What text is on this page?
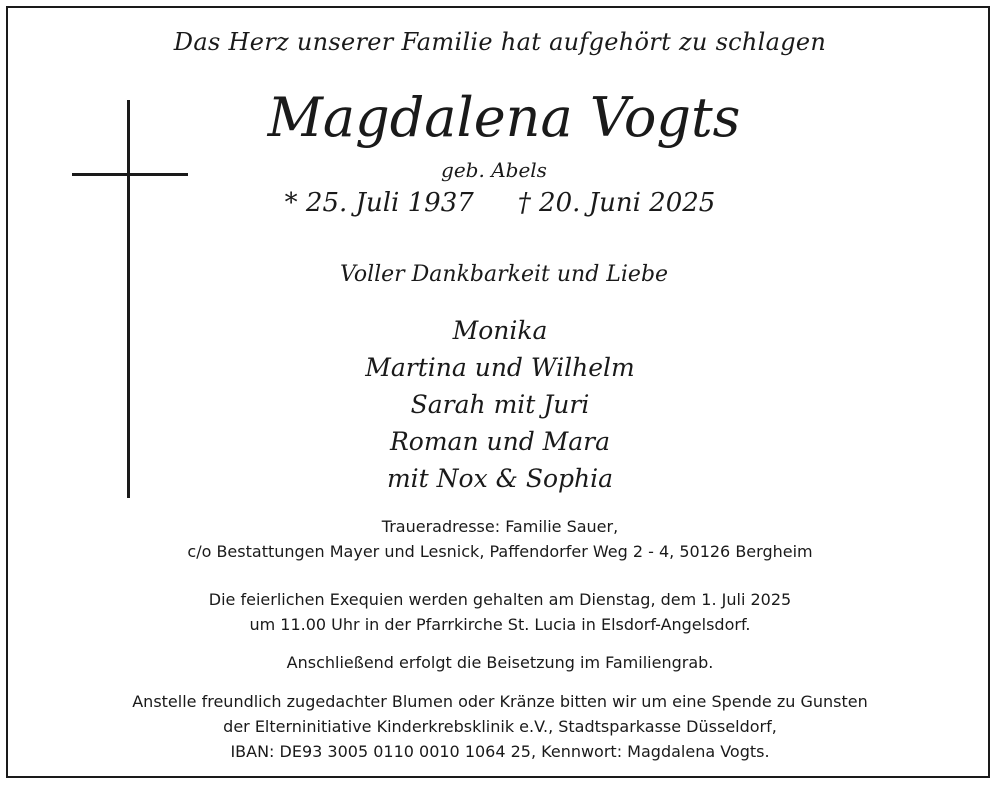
Das Herz unserer Familie hat aufgehört zu schlagen
Magdalena Vogts
geb. Abels
* 25. Juli 1937 † 20. Juni 2025
Voller Dankbarkeit und Liebe
Monika
Martina und Wilhelm
Sarah mit Juri
Roman und Mara
mit Nox & Sophia
Traueradresse: Familie Sauer,
c/o Bestattungen Mayer und Lesnick, Paffendorfer Weg 2 - 4, 50126 Bergheim
Die feierlichen Exequien werden gehalten am Dienstag, dem 1. Juli 2025
um 11.00 Uhr in der Pfarrkirche St. Lucia in Elsdorf-Angelsdorf.
Anschließend erfolgt die Beisetzung im Familiengrab.
Anstelle freundlich zugedachter Blumen oder Kränze bitten wir um eine Spende zu Gunsten
der Elterninitiative Kinderkrebsklinik e.V., Stadtsparkasse Düsseldorf,
IBAN: DE93 3005 0110 0010 1064 25, Kennwort: Magdalena Vogts.
